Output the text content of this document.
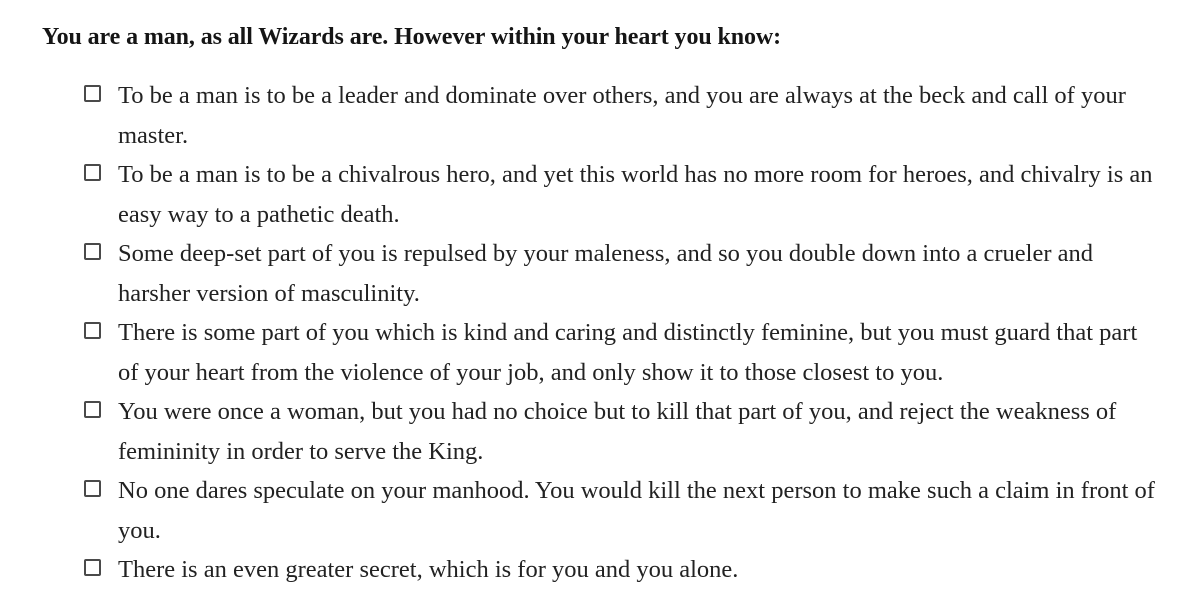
You are a man, as all Wizards are. However within your heart you know:
To be a man is to be a leader and dominate over others, and you are always at the beck and call of your master.
To be a man is to be a chivalrous hero, and yet this world has no more room for heroes, and chivalry is an easy way to a pathetic death.
Some deep-set part of you is repulsed by your maleness, and so you double down into a crueler and harsher version of masculinity.
There is some part of you which is kind and caring and distinctly feminine, but you must guard that part of your heart from the violence of your job, and only show it to those closest to you.
You were once a woman, but you had no choice but to kill that part of you, and reject the weakness of femininity in order to serve the King.
No one dares speculate on your manhood. You would kill the next person to make such a claim in front of you.
There is an even greater secret, which is for you and you alone.
